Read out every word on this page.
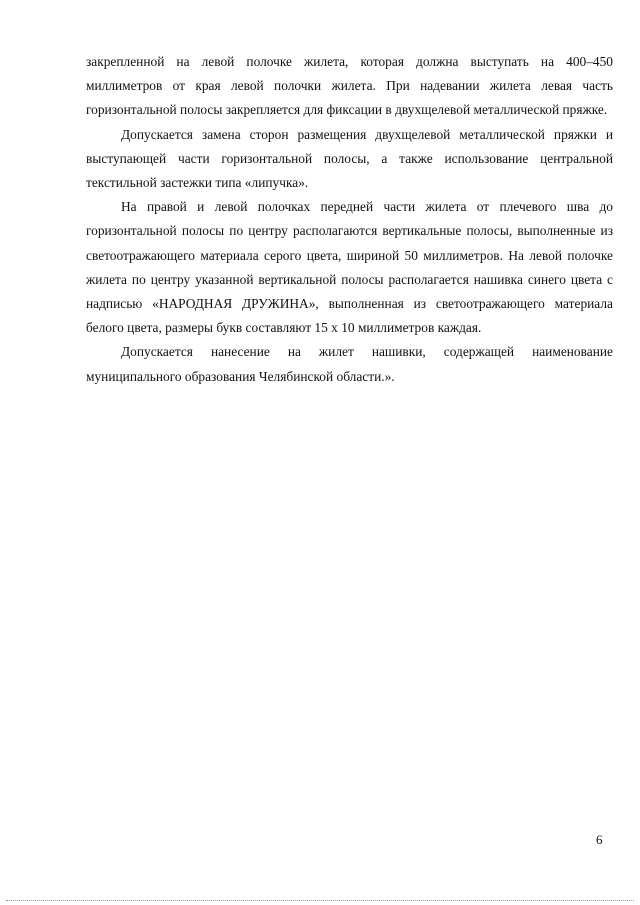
закрепленной на левой полочке жилета, которая должна выступать на 400–450 миллиметров от края левой полочки жилета. При надевании жилета левая часть горизонтальной полосы закрепляется для фиксации в двухщелевой металлической пряжке.

Допускается замена сторон размещения двухщелевой металлической пряжки и выступающей части горизонтальной полосы, а также использование центральной текстильной застежки типа «липучка».

На правой и левой полочках передней части жилета от плечевого шва до горизонтальной полосы по центру располагаются вертикальные полосы, выполненные из светоотражающего материала серого цвета, шириной 50 миллиметров. На левой полочке жилета по центру указанной вертикальной полосы располагается нашивка синего цвета с надписью «НАРОДНАЯ ДРУЖИНА», выполненная из светоотражающего материала белого цвета, размеры букв составляют 15 x 10 миллиметров каждая.

Допускается нанесение на жилет нашивки, содержащей наименование муниципального образования Челябинской области.».

6
